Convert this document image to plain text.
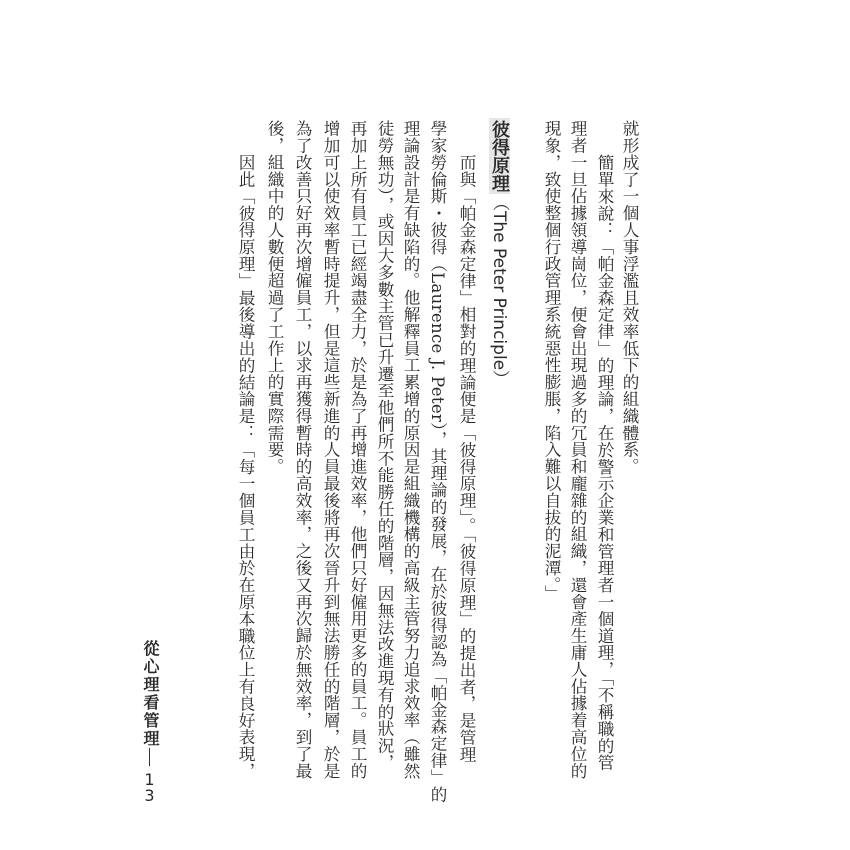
就形成了一個人事浮濫且效率低下的組織體系。
簡單來說：「帕金森定律」的理論，在於警示企業和管理者一個道理，「不稱職的管
理者一旦佔據領導崗位，便會出現過多的冗員和龐雜的組織，還會產生庸人佔據着高位的
現象，致使整個行政管理系統惡性膨脹，陷入難以自拔的泥潭。」
而與「帕金森定律」相對的理論便是「彼得原理」。「彼得原理」的提出者，是管理
學家勞倫斯・彼得（Laurence J. Peter），其理論的發展，在於彼得認為「帕金森定律」的
理論設計是有缺陷的。他解釋員工累增的原因是組織機構的高級主管努力追求效率（雖然
徒勞無功），或因大多數主管已升遷至他們所不能勝任的階層，因無法改進現有的狀況，
再加上所有員工已經竭盡全力，於是為了再增進效率，他們只好僱用更多的員工。員工的
增加可以使效率暫時提升，但是這些新進的人員最後將再次晉升到無法勝任的階層，於是
為了改善只好再次增僱員工，以求再獲得暫時的高效率，之後又再次歸於無效率，到了最
後，組織中的人數便超過了工作上的實際需要。
因此「彼得原理」最後導出的結論是：「每一個員工由於在原本職位上有良好表現，	彼得原理（The Peter Principle）
從心理看管理
13
